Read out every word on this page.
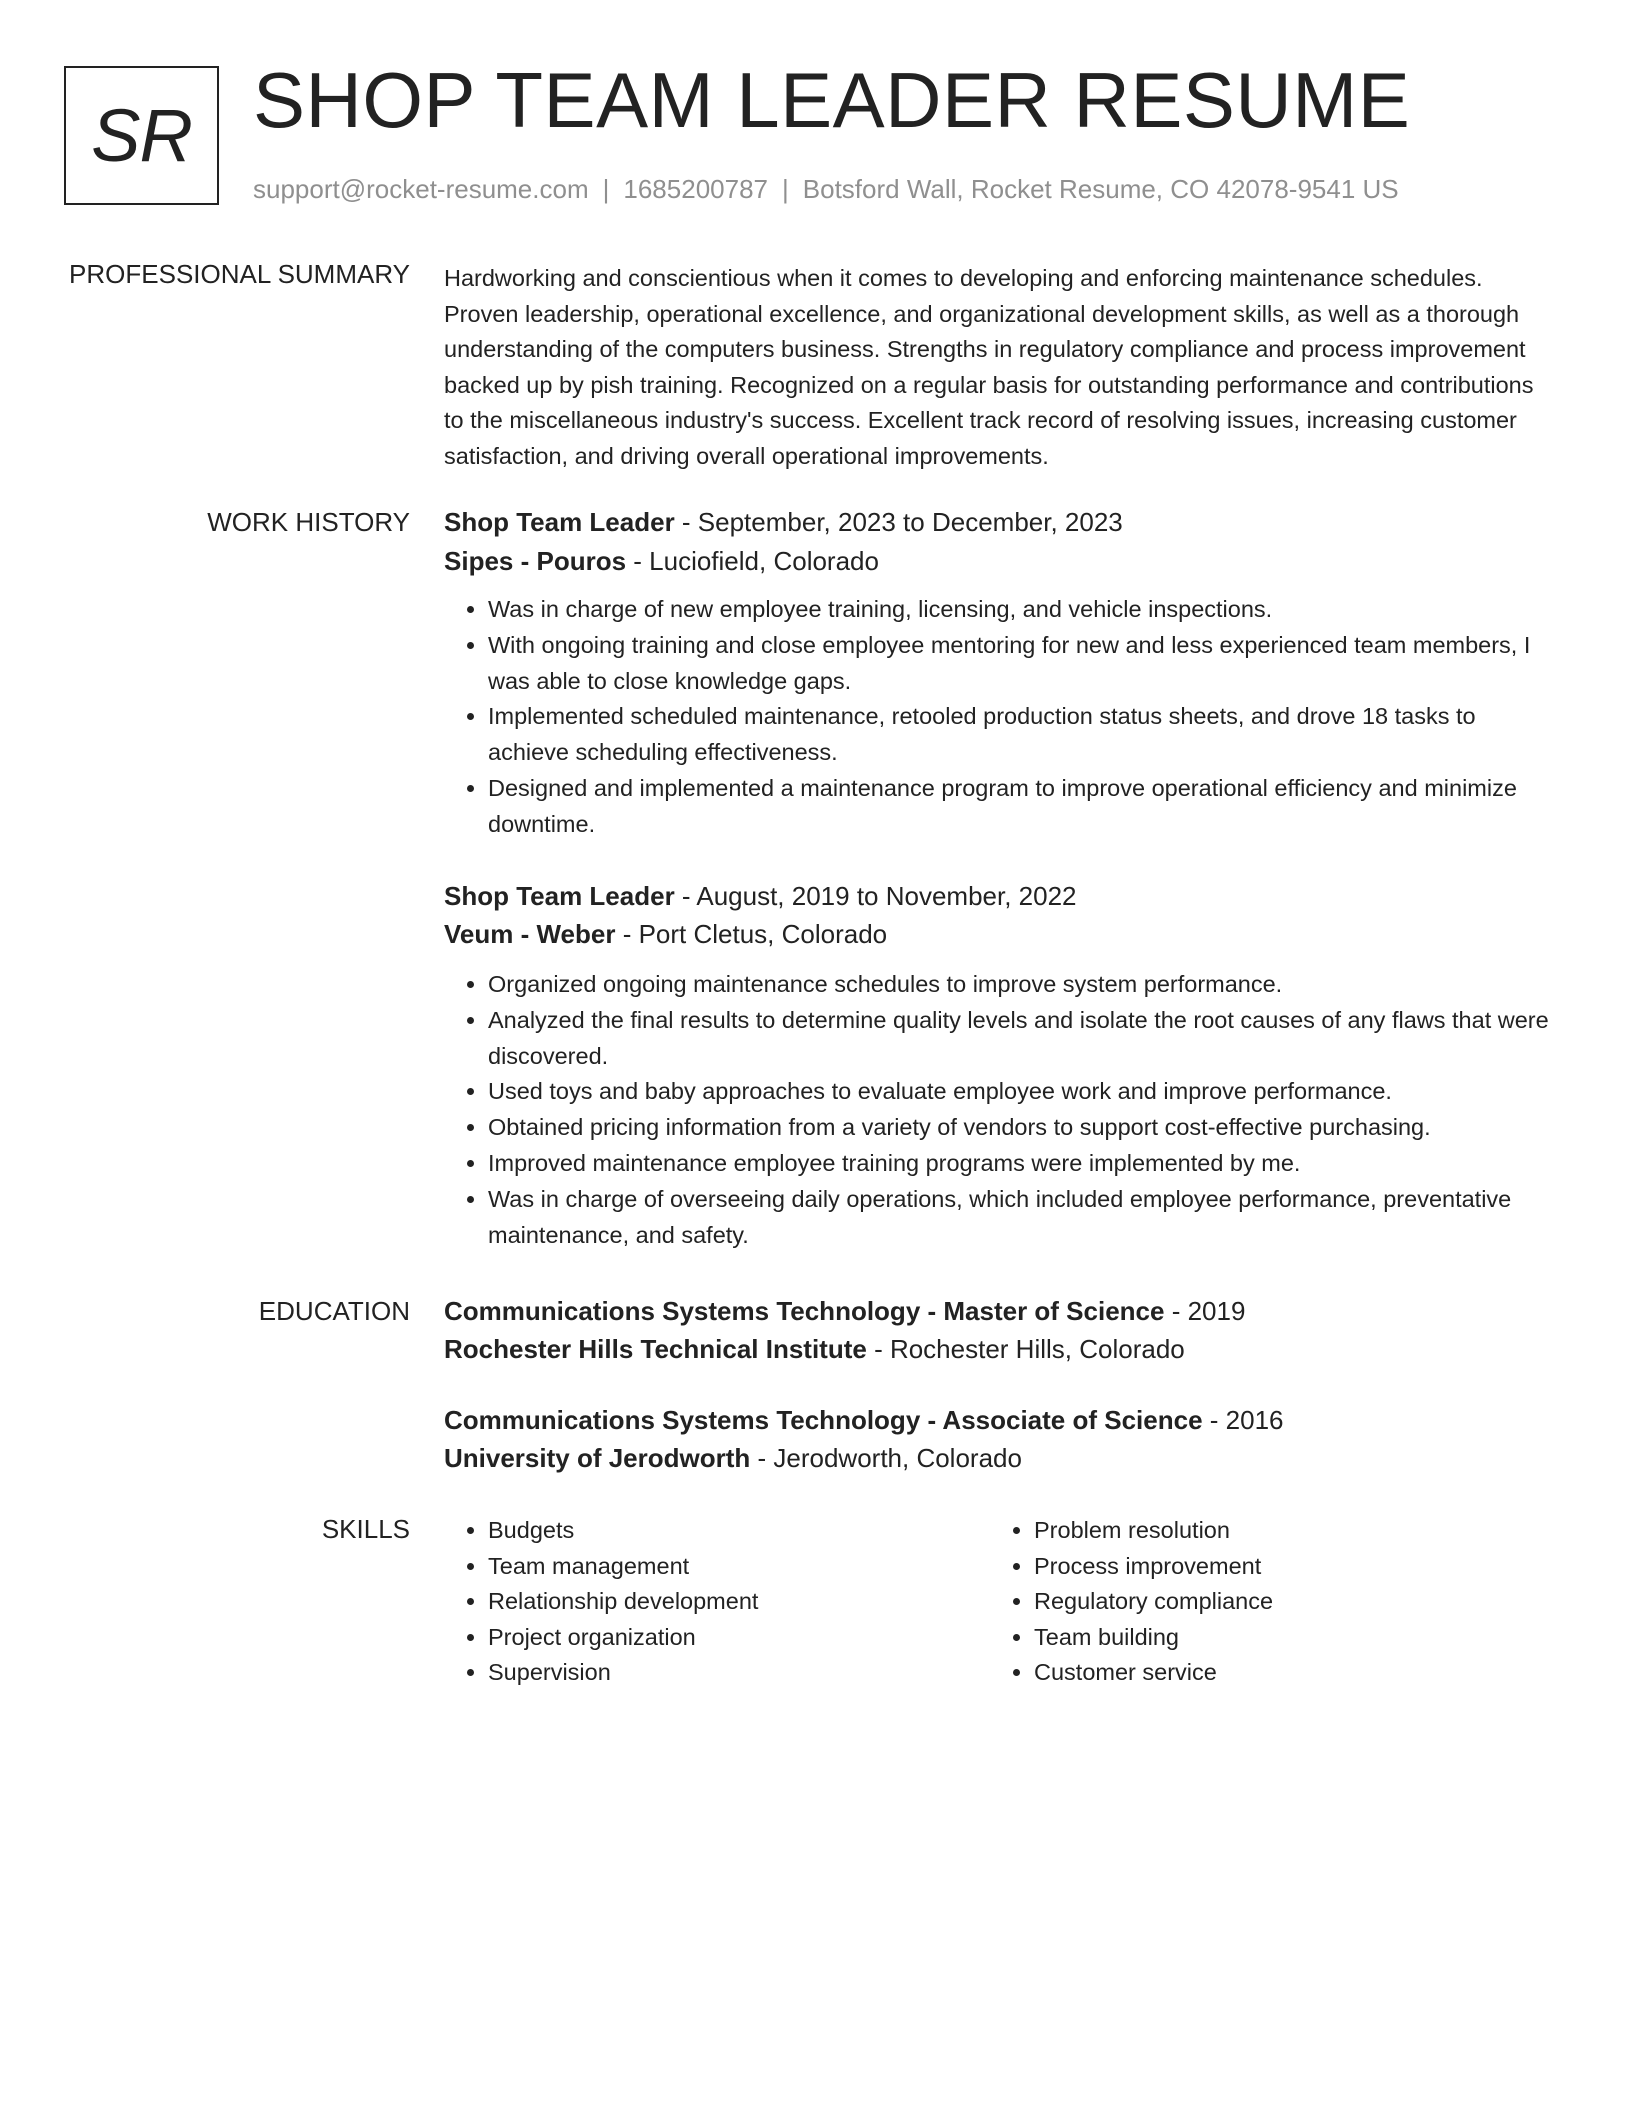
SR SHOP TEAM LEADER RESUME
support@rocket-resume.com | 1685200787 | Botsford Wall, Rocket Resume, CO 42078-9541 US
PROFESSIONAL SUMMARY Hardworking and conscientious when it comes to developing and enforcing maintenance schedules. Proven leadership, operational excellence, and organizational development skills, as well as a thorough understanding of the computers business. Strengths in regulatory compliance and process improvement backed up by pish training. Recognized on a regular basis for outstanding performance and contributions to the miscellaneous industry's success. Excellent track record of resolving issues, increasing customer satisfaction, and driving overall operational improvements.

WORK HISTORY Shop Team Leader - September, 2023 to December, 2023
Sipes - Pouros - Luciofield, Colorado
• Was in charge of new employee training, licensing, and vehicle inspections.
• With ongoing training and close employee mentoring for new and less experienced team members, I was able to close knowledge gaps.
• Implemented scheduled maintenance, retooled production status sheets, and drove 18 tasks to achieve scheduling effectiveness.
• Designed and implemented a maintenance program to improve operational efficiency and minimize downtime.
Shop Team Leader - August, 2019 to November, 2022
Veum - Weber - Port Cletus, Colorado
• Organized ongoing maintenance schedules to improve system performance.
• Analyzed the final results to determine quality levels and isolate the root causes of any flaws that were discovered.
• Used toys and baby approaches to evaluate employee work and improve performance.
• Obtained pricing information from a variety of vendors to support cost-effective purchasing.
• Improved maintenance employee training programs were implemented by me.
• Was in charge of overseeing daily operations, which included employee performance, preventative maintenance, and safety.
EDUCATION Communications Systems Technology - Master of Science - 2019
Rochester Hills Technical Institute - Rochester Hills, Colorado
Communications Systems Technology - Associate of Science - 2016
University of Jerodworth - Jerodworth, Colorado
SKILLS
•	Budgets
• Team management
• Relationship development
• Project organization
• Supervision
• Problem resolution
• Process improvement
• Regulatory compliance
• Team building
• Customer service
